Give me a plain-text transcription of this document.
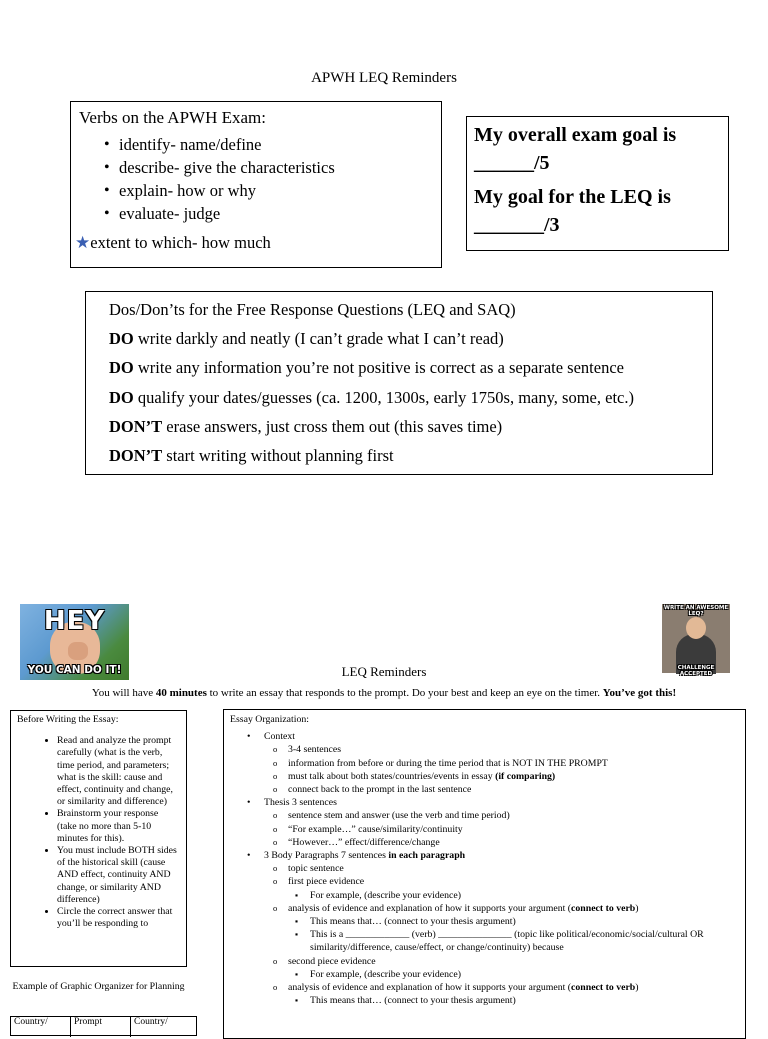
APWH LEQ Reminders
Verbs on the APWH Exam:
• identify- name/define
• describe- give the characteristics
• explain- how or why
• evaluate- judge
★extent to which- how much

My overall exam goal is
______/5

My goal for the LEQ is
_______/3

Dos/Don’ts for the Free Response Questions (LEQ and SAQ)
DO write darkly and neatly (I can’t grade what I can’t read)
DO write any information you’re not positive is correct as a separate sentence
DO qualify your dates/guesses (ca. 1200, 1300s, early 1750s, many, some, etc.)
DON’T erase answers, just cross them out (this saves time)
DON’T start writing without planning first
HEY
YOU CAN DO IT!
WRITE AN AWESOME LEQ?
CHALLENGE ACCEPTED
LEQ Reminders
You will have 40 minutes to write an essay that responds to the prompt. Do your best and keep an eye on the timer. You’ve got this!
Before Writing the Essay:
• Read and analyze the prompt carefully (what is the verb, time period, and parameters; what is the skill: cause and effect, continuity and change, or similarity and difference)
• Brainstorm your response (take no more than 5-10 minutes for this).
• You must include BOTH sides of the historical skill (cause AND effect, continuity AND change, or similarity AND difference)
• Circle the correct answer that you’ll be responding to
Example of Graphic Organizer for Planning
Country/	Prompt	Country/
Essay Organization:
• Context
o 3-4 sentences
o information from before or during the time period that is NOT IN THE PROMPT
o must talk about both states/countries/events in essay (if comparing)
o connect back to the prompt in the last sentence
• Thesis 3 sentences
o sentence stem and answer (use the verb and time period)
o “For example…” cause/similarity/continuity
o “However…” effect/difference/change
• 3 Body Paragraphs 7 sentences in each paragraph
o topic sentence
o first piece evidence
▪ For example, (describe your evidence)
o analysis of evidence and explanation of how it supports your argument (connect to verb)
▪ This means that… (connect to your thesis argument)
▪ This is a _____________ (verb) _______________ (topic like political/economic/social/cultural OR similarity/difference, cause/effect, or change/continuity) because
o second piece evidence
▪ For example, (describe your evidence)
o analysis of evidence and explanation of how it supports your argument (connect to verb)
▪ This means that… (connect to your thesis argument)
